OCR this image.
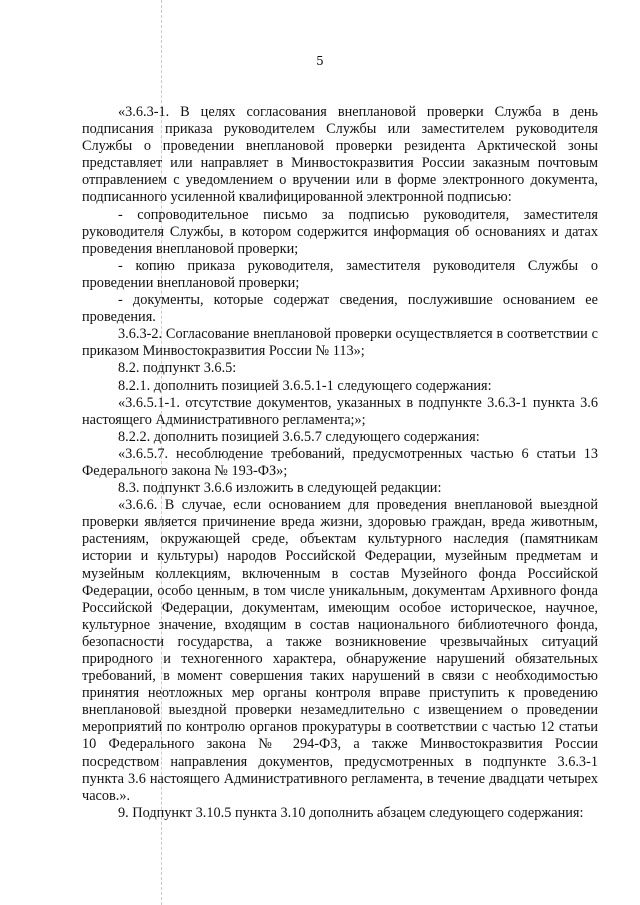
5

«3.6.3-1. В целях согласования внеплановой проверки Служба в день подписания приказа руководителем Службы или заместителем руководителя Службы о проведении внеплановой проверки резидента Арктической зоны представляет или направляет в Минвостокразвития России заказным почтовым отправлением с уведомлением о вручении или в форме электронного документа, подписанного усиленной квалифицированной электронной подписью:

- сопроводительное письмо за подписью руководителя, заместителя руководителя Службы, в котором содержится информация об основаниях и датах проведения внеплановой проверки;

- копию приказа руководителя, заместителя руководителя Службы о проведении внеплановой проверки;

- документы, которые содержат сведения, послужившие основанием ее проведения.

3.6.3-2. Согласование внеплановой проверки осуществляется в соответствии с приказом Минвостокразвития России № 113»;

8.2. подпункт 3.6.5:

8.2.1. дополнить позицией 3.6.5.1-1 следующего содержания:

«3.6.5.1-1. отсутствие документов, указанных в подпункте 3.6.3-1 пункта 3.6 настоящего Административного регламента;»;

8.2.2. дополнить позицией 3.6.5.7 следующего содержания:

«3.6.5.7. несоблюдение требований, предусмотренных частью 6 статьи 13 Федерального закона № 193-ФЗ»;

8.3. подпункт 3.6.6 изложить в следующей редакции:

«3.6.6. В случае, если основанием для проведения внеплановой выездной проверки является причинение вреда жизни, здоровью граждан, вреда животным, растениям, окружающей среде, объектам культурного наследия (памятникам истории и культуры) народов Российской Федерации, музейным предметам и музейным коллекциям, включенным в состав Музейного фонда Российской Федерации, особо ценным, в том числе уникальным, документам Архивного фонда Российской Федерации, документам, имеющим особое историческое, научное, культурное значение, входящим в состав национального библиотечного фонда, безопасности государства, а также возникновение чрезвычайных ситуаций природного и техногенного характера, обнаружение нарушений обязательных требований, в момент совершения таких нарушений в связи с необходимостью принятия неотложных мер органы контроля вправе приступить к проведению внеплановой выездной проверки незамедлительно с извещением о проведении мероприятий по контролю органов прокуратуры в соответствии с частью 12 статьи 10 Федерального закона № 294-ФЗ, а также Минвостокразвития России посредством направления документов, предусмотренных в подпункте 3.6.3-1 пункта 3.6 настоящего Административного регламента, в течение двадцати четырех часов.».

9. Подпункт 3.10.5 пункта 3.10 дополнить абзацем следующего содержания:
